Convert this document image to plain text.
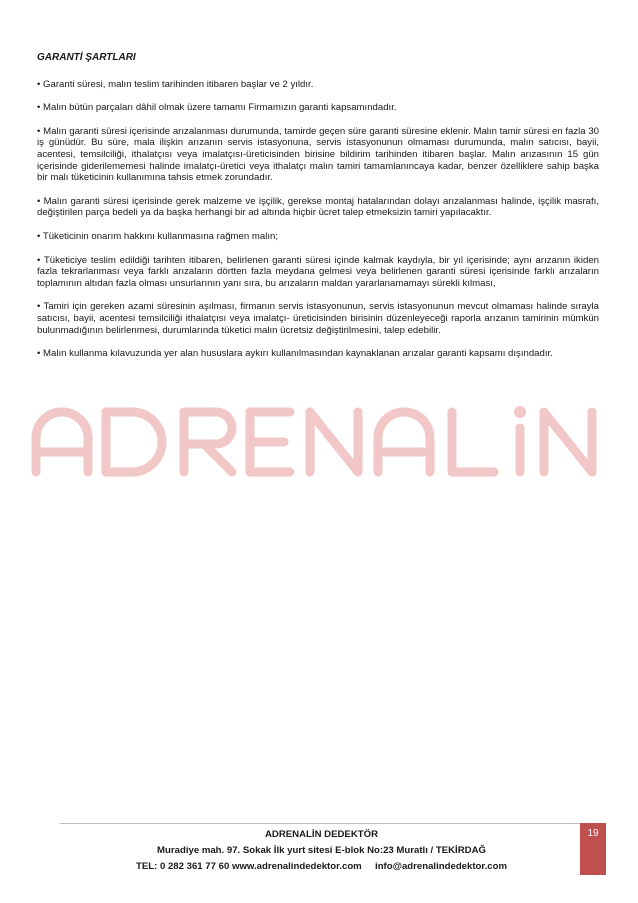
GARANTİ ŞARTLARI

• Garanti süresi, malın teslim tarihinden itibaren başlar ve 2 yıldır.

• Malın bütün parçaları dâhil olmak üzere tamamı Firmamızın garanti kapsamındadır.

• Malın garanti süresi içerisinde arızalanması durumunda, tamirde geçen süre garanti süresine eklenir. Malın tamir süresi en fazla 30 iş günüdür. Bu süre, mala ilişkin arızanın servis istasyonuna, servis istasyonunun olmaması durumunda, malın satıcısı, bayii, acentesi, temsilciliği, ithalatçısı veya imalatçısı-üreticisinden birisine bildirim tarihinden itibaren başlar. Malın arızasının 15 gün içerisinde giderilememesi halinde imalatçı-üretici veya ithalatçı malın tamiri tamamlanıncaya kadar, benzer özelliklere sahip başka bir malı tüketicinin kullanımına tahsis etmek zorundadır.

• Malın garanti süresi içerisinde gerek malzeme ve işçilik, gerekse montaj hatalarından dolayı arızalanması halinde, işçilik masrafı, değiştirilen parça bedeli ya da başka herhangi bir ad altında hiçbir ücret talep etmeksizin tamiri yapılacaktır.

• Tüketicinin onarım hakkını kullanmasına rağmen malın;

• Tüketiciye teslim edildiği tarihten itibaren, belirlenen garanti süresi içinde kalmak kaydıyla, bir yıl içerisinde; aynı arızanın ikiden fazla tekrarlanması veya farklı arızaların dörtten fazla meydana gelmesi veya belirlenen garanti süresi içerisinde farklı arızaların toplamının altıdan fazla olması unsurlarının yanı sıra, bu arızaların maldan yararlanamamayı sürekli kılması,

• Tamiri için gereken azami süresinin aşılması, firmanın servis istasyonunun, servis istasyonunun mevcut olmaması halinde sırayla satıcısı, bayii, acentesi temsilciliği ithalatçısı veya imalatçı- üreticisinden birisinin düzenleyeceği raporla arızanın tamirinin mümkün bulunmadığının belirlenmesi, durumlarında tüketici malın ücretsiz değiştirilmesini, talep edebilir.

• Malın kullanma kılavuzunda yer alan hususlara aykırı kullanılmasından kaynaklanan arızalar garanti kapsamı dışındadır.

ADRENALİN DEDEKTÖR
Muradiye mah. 97. Sokak İlk yurt sitesi E-blok No:23 Muratlı / TEKİRDAĞ
TEL: 0 282 361 77 60 www.adrenalindedektor.com     info@adrenalindedektor.com
19
